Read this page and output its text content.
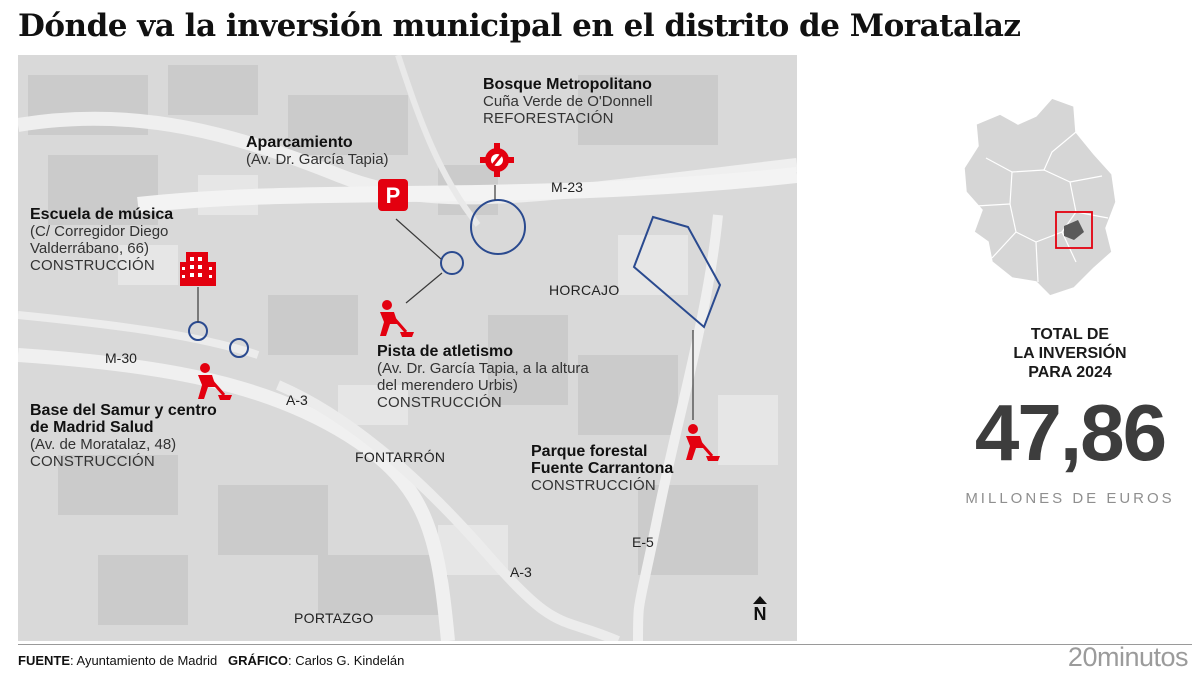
Dónde va la inversión municipal en el distrito de Moratalaz
P
Bosque Metropolitano
Cuña Verde de O'Donnell
REFORESTACIÓN
Aparcamiento
(Av. Dr. García Tapia)
Escuela de música
(C/ Corregidor Diego
Valderrábano, 66)
CONSTRUCCIÓN
Pista de atletismo
(Av. Dr. García Tapia, a la altura
del merendero Urbis)
CONSTRUCCIÓN
Base del Samur y centro
de Madrid Salud
(Av. de Moratalaz, 48)
CONSTRUCCIÓN
Parque forestal
Fuente Carrantona
CONSTRUCCIÓN
M-23
M-30
A-3
A-3
E-5
HORCAJO
FONTARRÓN
PORTAZGO	N
TOTAL DE
LA INVERSIÓN
PARA 2024
47,86
MILLONES DE EUROS
FUENTE: Ayuntamiento de Madrid GRÁFICO: Carlos G. Kindelán	20minutos
